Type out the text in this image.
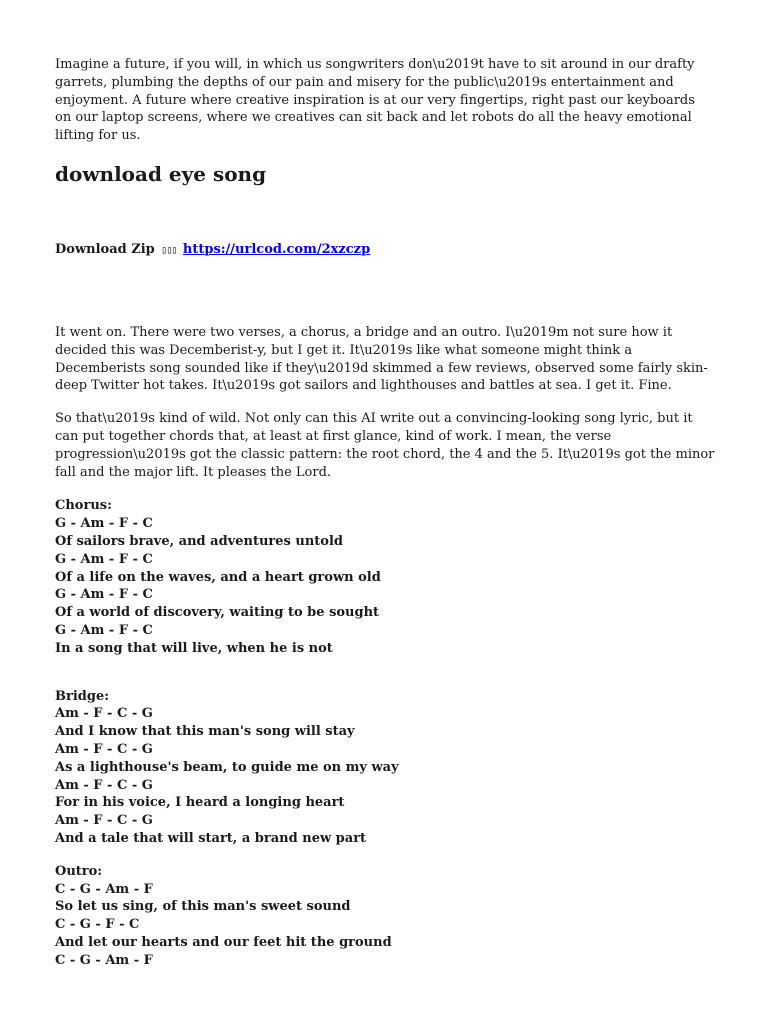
Imagine a future, if you will, in which us songwriters don\u2019t have to sit around in our drafty garrets, plumbing the depths of our pain and misery for the public\u2019s entertainment and enjoyment. A future where creative inspiration is at our very fingertips, right past our keyboards on our laptop screens, where we creatives can sit back and let robots do all the heavy emotional lifting for us.

download eye song
Download Zip ▯▯▯ https://urlcod.com/2xzczp

It went on. There were two verses, a chorus, a bridge and an outro. I\u2019m not sure how it decided this was Decemberist-y, but I get it. It\u2019s like what someone might think a Decemberists song sounded like if they\u2019d skimmed a few reviews, observed some fairly skin-deep Twitter hot takes. It\u2019s got sailors and lighthouses and battles at sea. I get it. Fine.

So that\u2019s kind of wild. Not only can this AI write out a convincing-looking song lyric, but it can put together chords that, at least at first glance, kind of work. I mean, the verse progression\u2019s got the classic pattern: the root chord, the 4 and the 5. It\u2019s got the minor fall and the major lift. It pleases the Lord.

Chorus:
G - Am - F - C
Of sailors brave, and adventures untold
G - Am - F - C
Of a life on the waves, and a heart grown old
G - Am - F - C
Of a world of discovery, waiting to be sought
G - Am - F - C
In a song that will live, when he is not
Bridge:
Am - F - C - G
And I know that this man's song will stay
Am - F - C - G
As a lighthouse's beam, to guide me on my way
Am - F - C - G
For in his voice, I heard a longing heart
Am - F - C - G
And a tale that will start, a brand new part
Outro:
C - G - Am - F
So let us sing, of this man's sweet sound
C - G - F - C
And let our hearts and our feet hit the ground
C - G - Am - F
